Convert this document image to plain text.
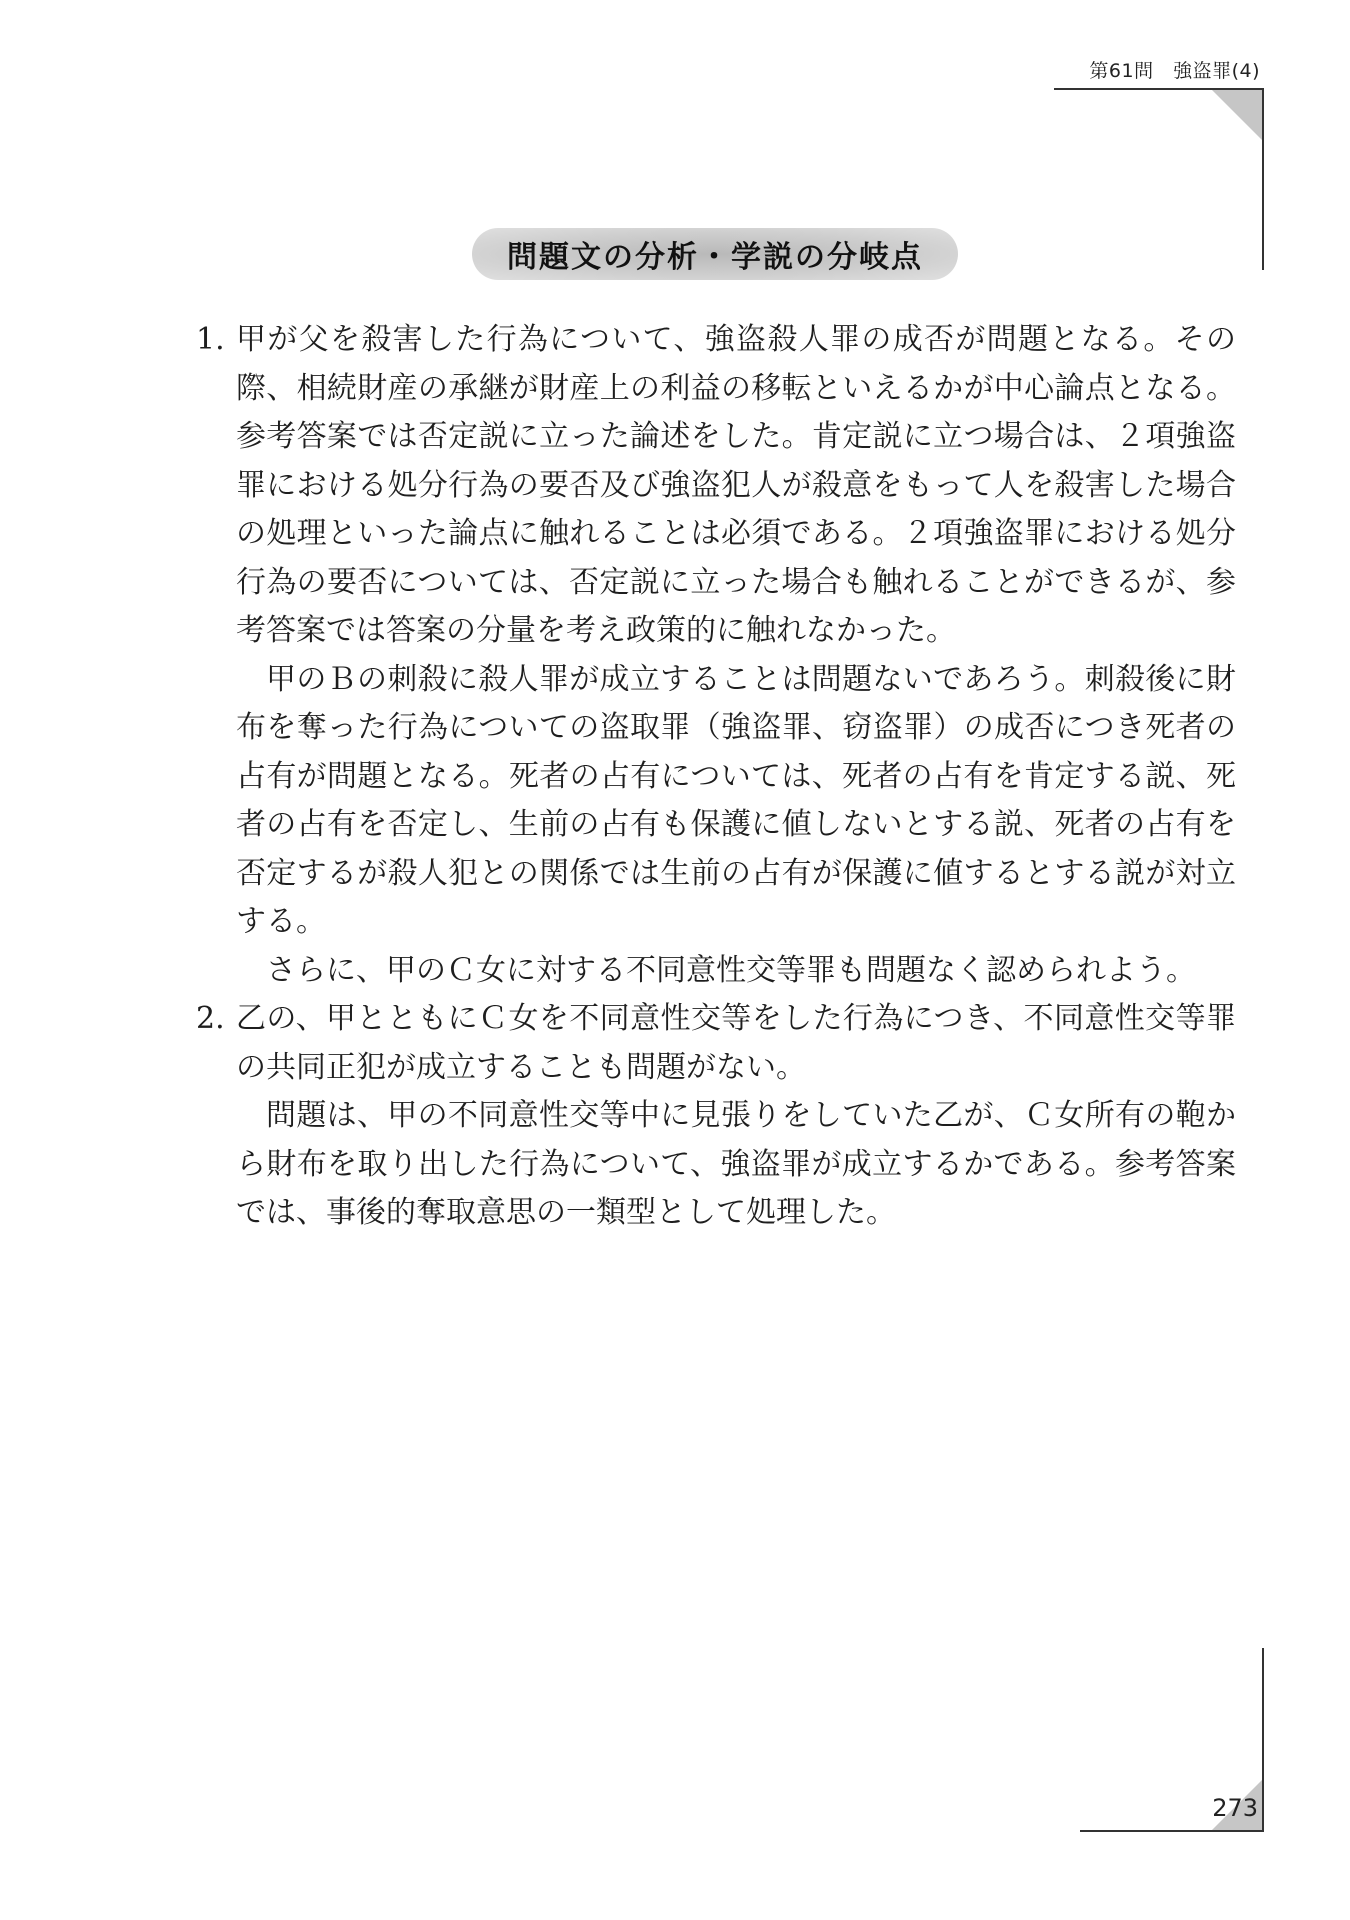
第61問　強盗罪(4)
問題文の分析・学説の分岐点
1. 甲が父を殺害した行為について、強盗殺人罪の成否が問題となる。その際、相続財産の承継が財産上の利益の移転といえるかが中心論点となる。参考答案では否定説に立った論述をした。肯定説に立つ場合は、２項強盗罪における処分行為の要否及び強盗犯人が殺意をもって人を殺害した場合の処理といった論点に触れることは必須である。２項強盗罪における処分行為の要否については、否定説に立った場合も触れることができるが、参考答案では答案の分量を考え政策的に触れなかった。

甲のＢの刺殺に殺人罪が成立することは問題ないであろう。刺殺後に財布を奪った行為についての盗取罪（強盗罪、窃盗罪）の成否につき死者の占有が問題となる。死者の占有については、死者の占有を肯定する説、死者の占有を否定し、生前の占有も保護に値しないとする説、死者の占有を否定するが殺人犯との関係では生前の占有が保護に値するとする説が対立する。

さらに、甲のＣ女に対する不同意性交等罪も問題なく認められよう。

2. 乙の、甲とともにＣ女を不同意性交等をした行為につき、不同意性交等罪の共同正犯が成立することも問題がない。

問題は、甲の不同意性交等中に見張りをしていた乙が、Ｃ女所有の鞄から財布を取り出した行為について、強盗罪が成立するかである。参考答案では、事後的奪取意思の一類型として処理した。

273
